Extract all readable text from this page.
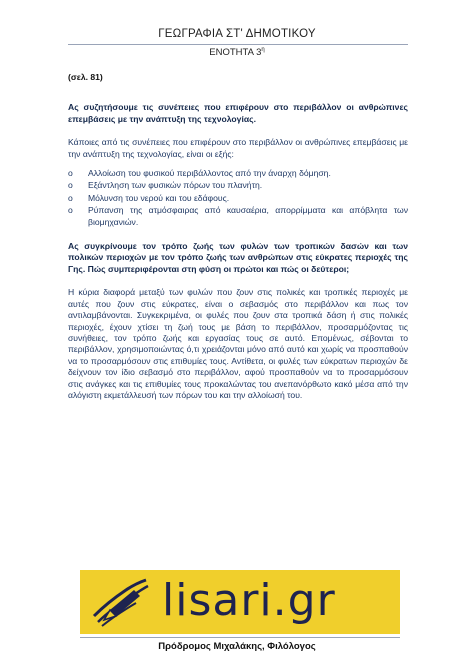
ΓΕΩΓΡΑΦΙΑ ΣΤ' ΔΗΜΟΤΙΚΟΥ
ΕΝΟΤΗΤΑ $3^\eta$

(σελ. 81)

Ας συζητήσουμε τις συνέπειες που επιφέρουν στο περιβάλλον οι ανθρώπινες επεμβάσεις με την ανάπτυξη της τεχνολογίας.

Κάποιες από τις συνέπειες που επιφέρουν στο περιβάλλον οι ανθρώπινες επεμβάσεις με την ανάπτυξη της τεχνολογίας, είναι οι εξής:

o Αλλοίωση του φυσικού περιβάλλοντος από την άναρχη δόμηση.
o Εξάντληση των φυσικών πόρων του πλανήτη.
o Μόλυνση του νερού και του εδάφους.
o Ρύπανση της ατμόσφαιρας από καυσαέρια, απορρίμματα και απόβλητα των βιομηχανιών.

Ας συγκρίνουμε τον τρόπο ζωής των φυλών των τροπικών δασών και των πολικών περιοχών με τον τρόπο ζωής των ανθρώπων στις εύκρατες περιοχές της Γης. Πώς συμπεριφέρονται στη φύση οι πρώτοι και πώς οι δεύτεροι;

Η κύρια διαφορά μεταξύ των φυλών που ζουν στις πολικές και τροπικές περιοχές με αυτές που ζουν στις εύκρατες, είναι ο σεβασμός στο περιβάλλον και πως τον αντιλαμβάνονται. Συγκεκριμένα, οι φυλές που ζουν στα τροπικά δάση ή στις πολικές περιοχές, έχουν χτίσει τη ζωή τους με βάση το περιβάλλον, προσαρμόζοντας τις συνήθειες, τον τρόπο ζωής και εργασίας τους σε αυτό. Επομένως, σέβονται το περιβάλλον, χρησιμοποιώντας ό,τι χρειάζονται μόνο από αυτό και χωρίς να προσπαθούν να το προσαρμόσουν στις επιθυμίες τους. Αντίθετα, οι φυλές των εύκρατων περιοχών δε δείχνουν τον ίδιο σεβασμό στο περιβάλλον, αφού προσπαθούν να το προσαρμόσουν στις ανάγκες και τις επιθυμίες τους προκαλώντας του ανεπανόρθωτο κακό μέσα από την αλόγιστη εκμετάλλευσή των πόρων του και την αλλοίωσή του.

lisari.gr
Πρόδρομος Μιχαλάκης, Φιλόλογος
